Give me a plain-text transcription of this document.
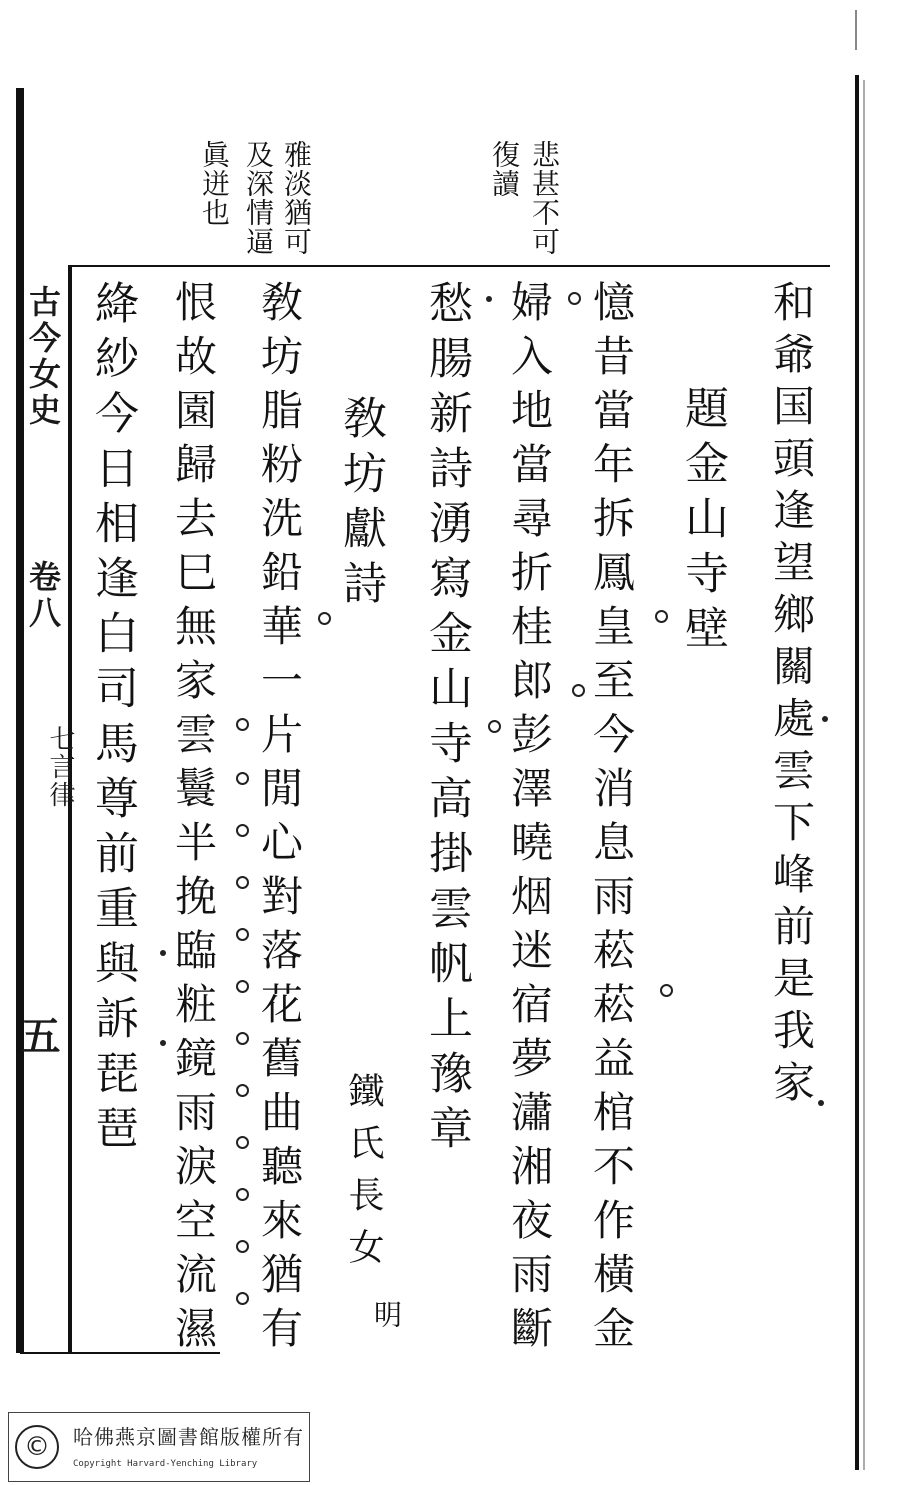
悲甚不可
復讀
雅淡猶可
及深情逼
眞迸也
和爺国頭逢望鄉關處雲下峰前是我家
題金山寺壁
憶昔當年拆鳳皇至今消息雨菘菘益棺不作橫金
婦入地當尋折桂郎彭澤曉烟迷宿夢瀟湘夜雨斷
愁腸新詩湧寫金山寺高掛雲帆上豫章
敎坊獻詩
鐵氏長女
明
敎坊脂粉洗鉛華一片閒心對落花舊曲聽來猶有
恨故園歸去巳無家雲鬟半挽臨粧鏡雨淚空流濕
絳紗今日相逢白司馬尊前重與訴琵琶
古今女史
卷八
七言律
五
©	哈佛燕京圖書館版權所有
Copyright Harvard-Yenching Library
